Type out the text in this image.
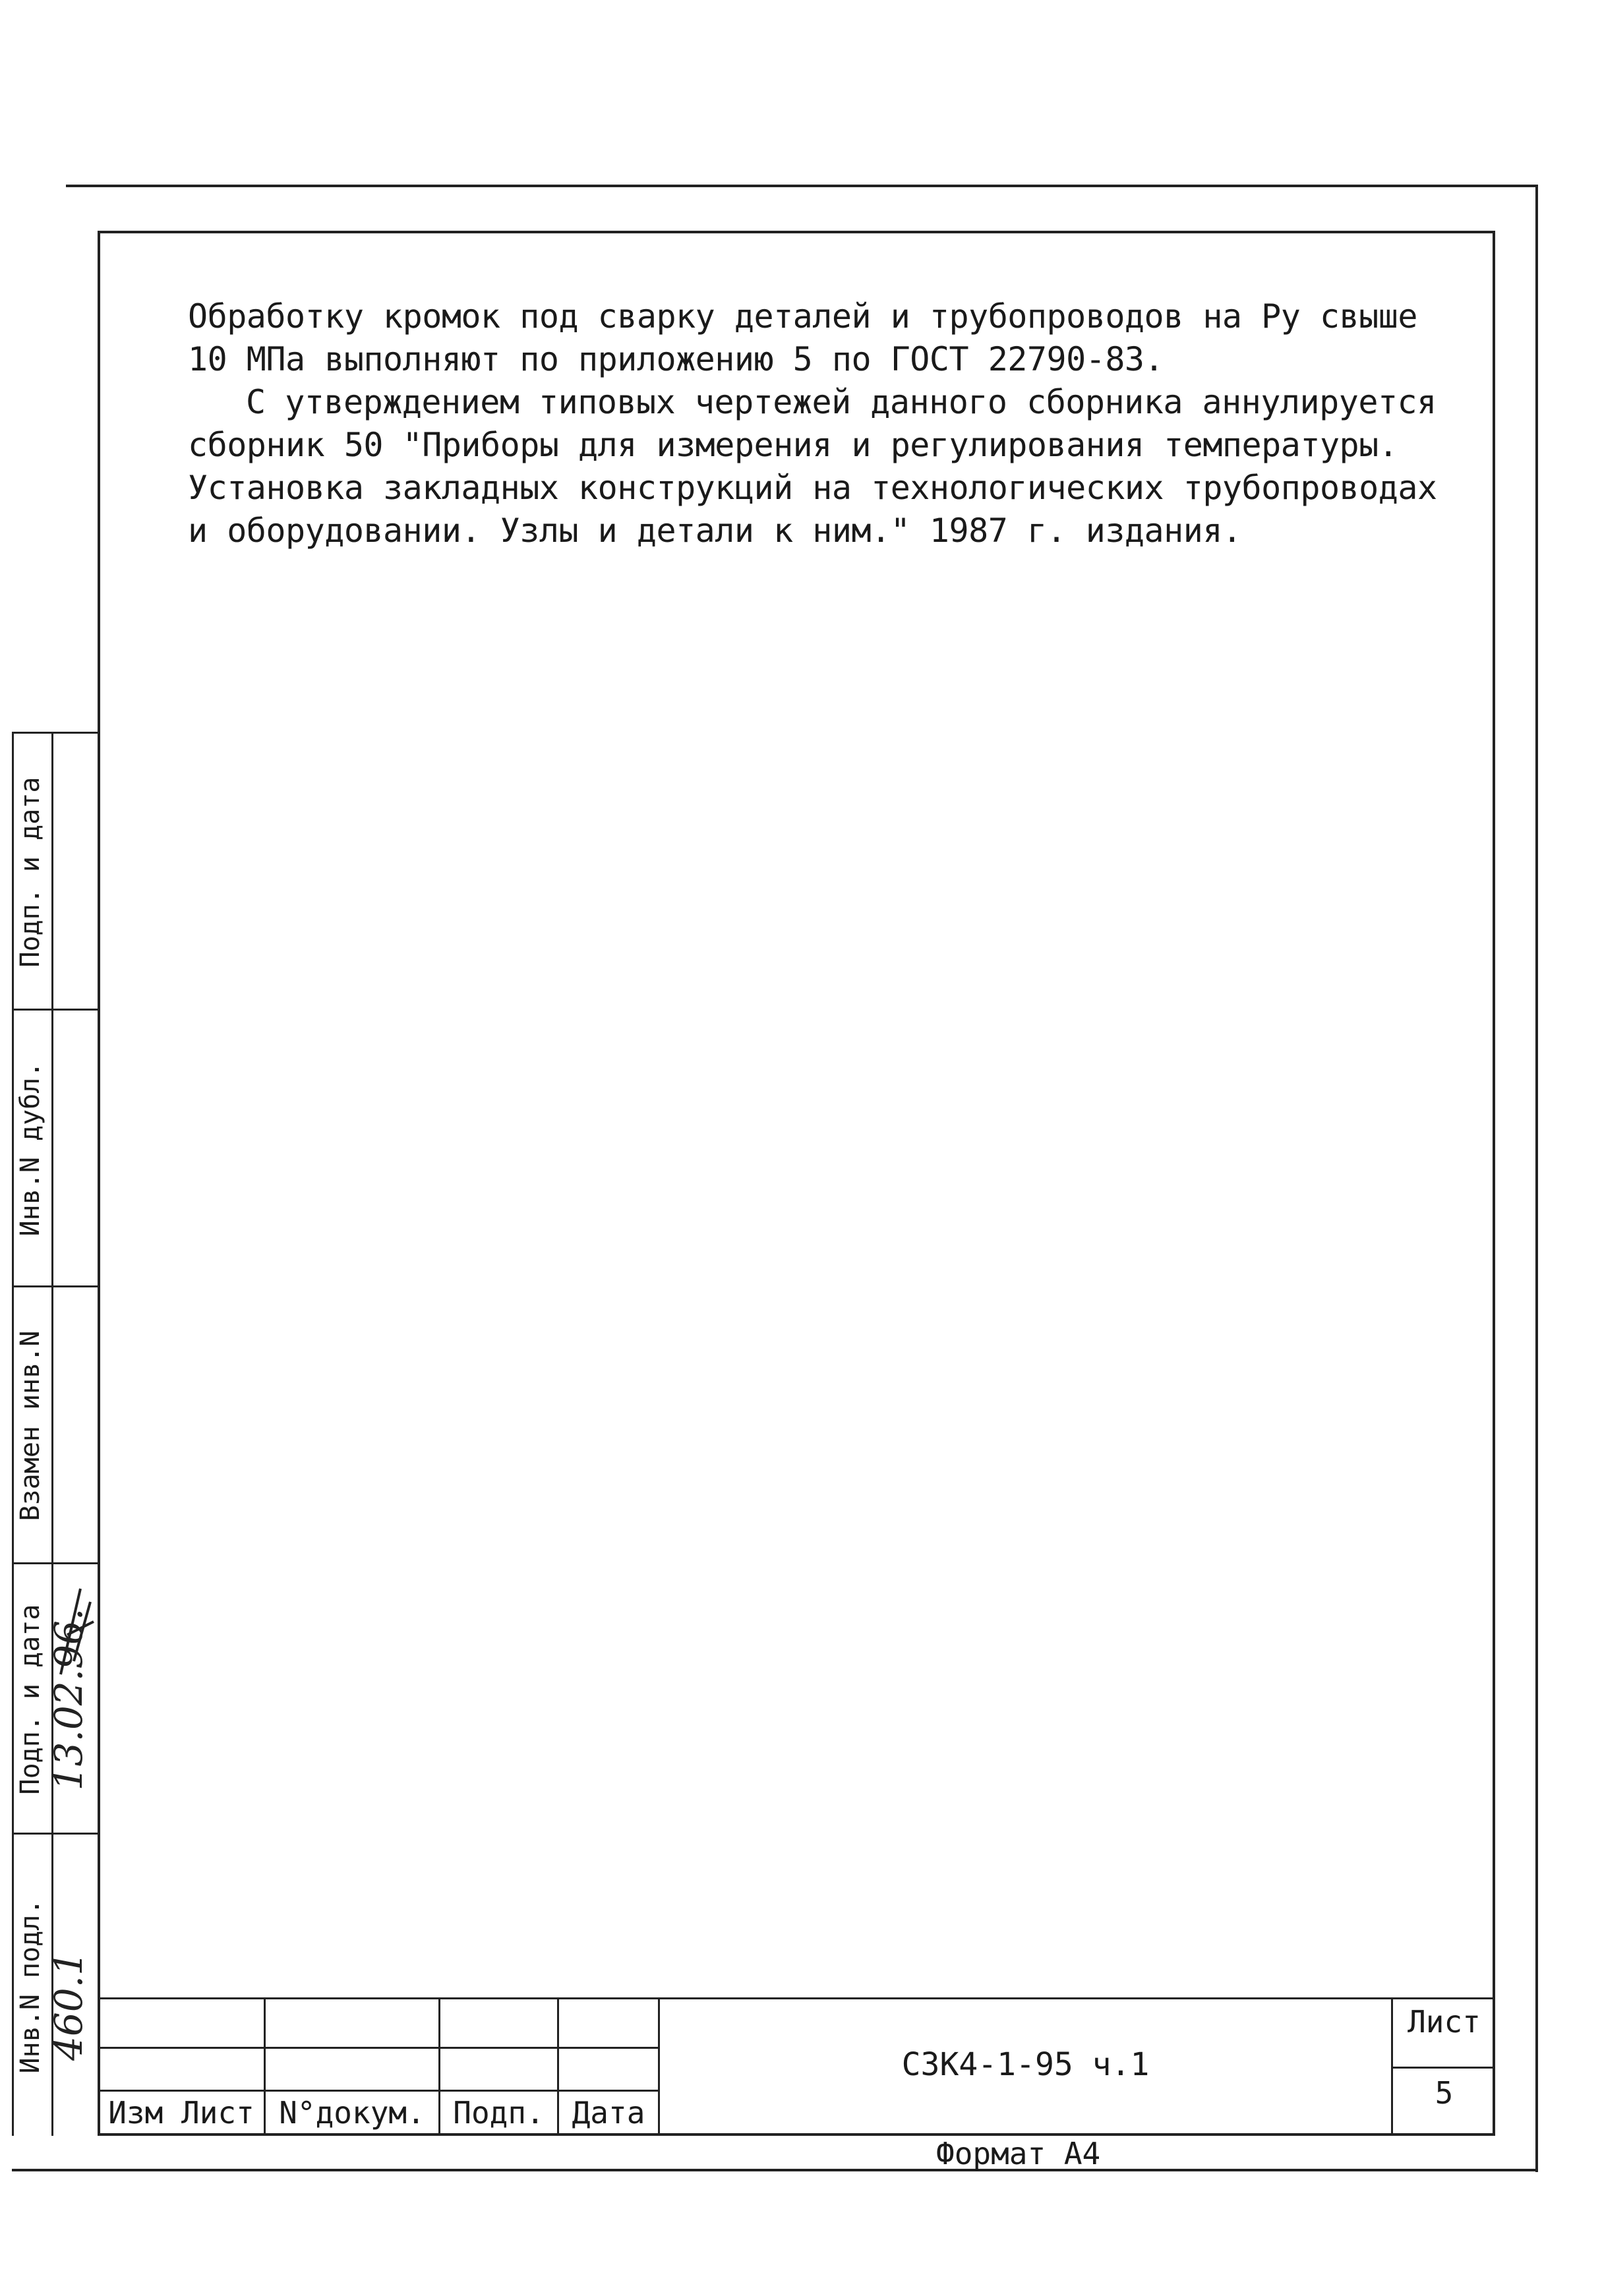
Обработку кромок под сварку деталей и трубопроводов на Ру свыше

10 МПа выполняют по приложению 5 по ГОСТ 22790-83.

С утверждением типовых чертежей данного сборника аннулируется

сборник 50 "Приборы для измерения и регулирования температуры.

Установка закладных конструкций на технологических трубопроводах

и оборудовании. Узлы и детали к ним." 1987 г. издания.

Подп. и дата
Инв.N дубл.
Взамен инв.N
Подп. и дата
Инв.N подл.
13.02.96.
460.1
Изм Лист N°докум. Подп. Дата
СЗК4-1-95 ч.1
Лист
5
Формат А4
